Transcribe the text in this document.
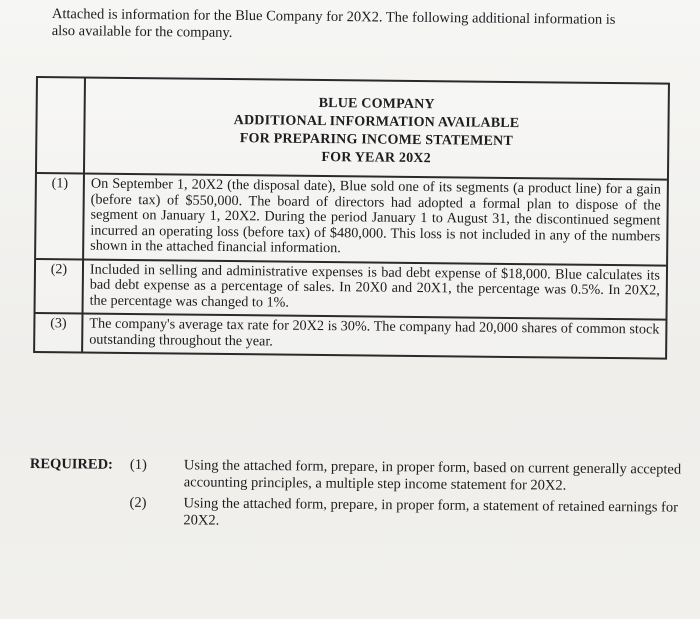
Attached is information for the Blue Company for 20X2. The following additional information is
also available for the company.
BLUE COMPANY
ADDITIONAL INFORMATION AVAILABLE
FOR PREPARING INCOME STATEMENT
FOR YEAR 20X2
(1)	On September 1, 20X2 (the disposal date), Blue sold one of its segments (a product line) for a gain (before tax) of $550,000. The board of directors had adopted a formal plan to dispose of the segment on January 1, 20X2. During the period January 1 to August 31, the discontinued segment incurred an operating loss (before tax) of $480,000. This loss is not included in any of the numbers shown in the attached financial information.
(2)	Included in selling and administrative expenses is bad debt expense of $18,000. Blue calculates its bad debt expense as a percentage of sales. In 20X0 and 20X1, the percentage was 0.5%. In 20X2, the percentage was changed to 1%.
(3)	The company's average tax rate for 20X2 is 30%. The company had 20,000 shares of common stock outstanding throughout the year.
REQUIRED:	(1)	Using the attached form, prepare, in proper form, based on current generally accepted accounting principles, a multiple step income statement for 20X2.
(2)	Using the attached form, prepare, in proper form, a statement of retained earnings for 20X2.
